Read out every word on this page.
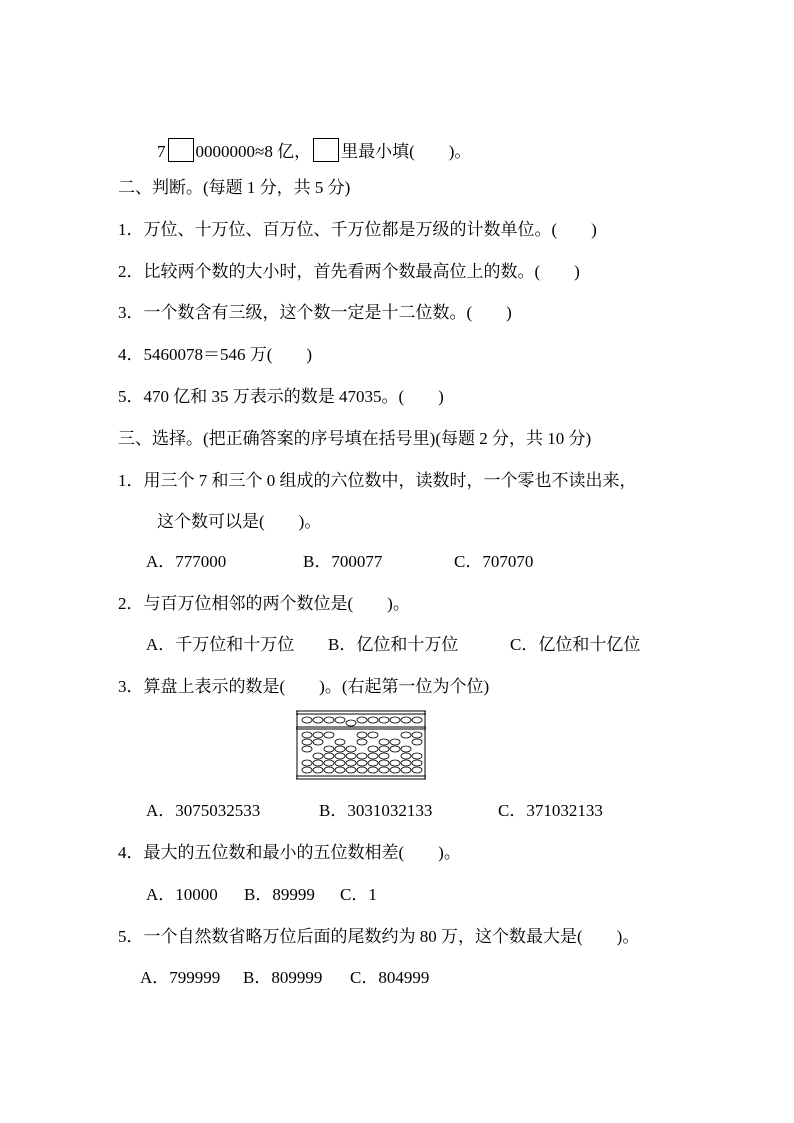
7 0000000≈8 亿， 里最小填(　　)。
二、判断。(每题 1 分，共 5 分)
1．万位、十万位、百万位、千万位都是万级的计数单位。(　　)
2．比较两个数的大小时，首先看两个数最高位上的数。(　　)
3．一个数含有三级，这个数一定是十二位数。(　　)
4．5460078＝546 万(　　)
5．470 亿和 35 万表示的数是 47035。(　　)
三、选择。(把正确答案的序号填在括号里)(每题 2 分，共 10 分)
1．用三个 7 和三个 0 组成的六位数中，读数时，一个零也不读出来，
这个数可以是(　　)。
A．777000	B．700077	C．707070
2．与百万位相邻的两个数位是(　　)。
A．千万位和十万位 B．亿位和十万位	C．亿位和十亿位
3．算盘上表示的数是(　　)。(右起第一位为个位)
A．3075032533	B．3031032133	C．371032133
4．最大的五位数和最小的五位数相差(　　)。
A．10000 B．89999 C．1
5．一个自然数省略万位后面的尾数约为 80 万，这个数最大是(　　)。
A．799999 B．809999 C．804999
